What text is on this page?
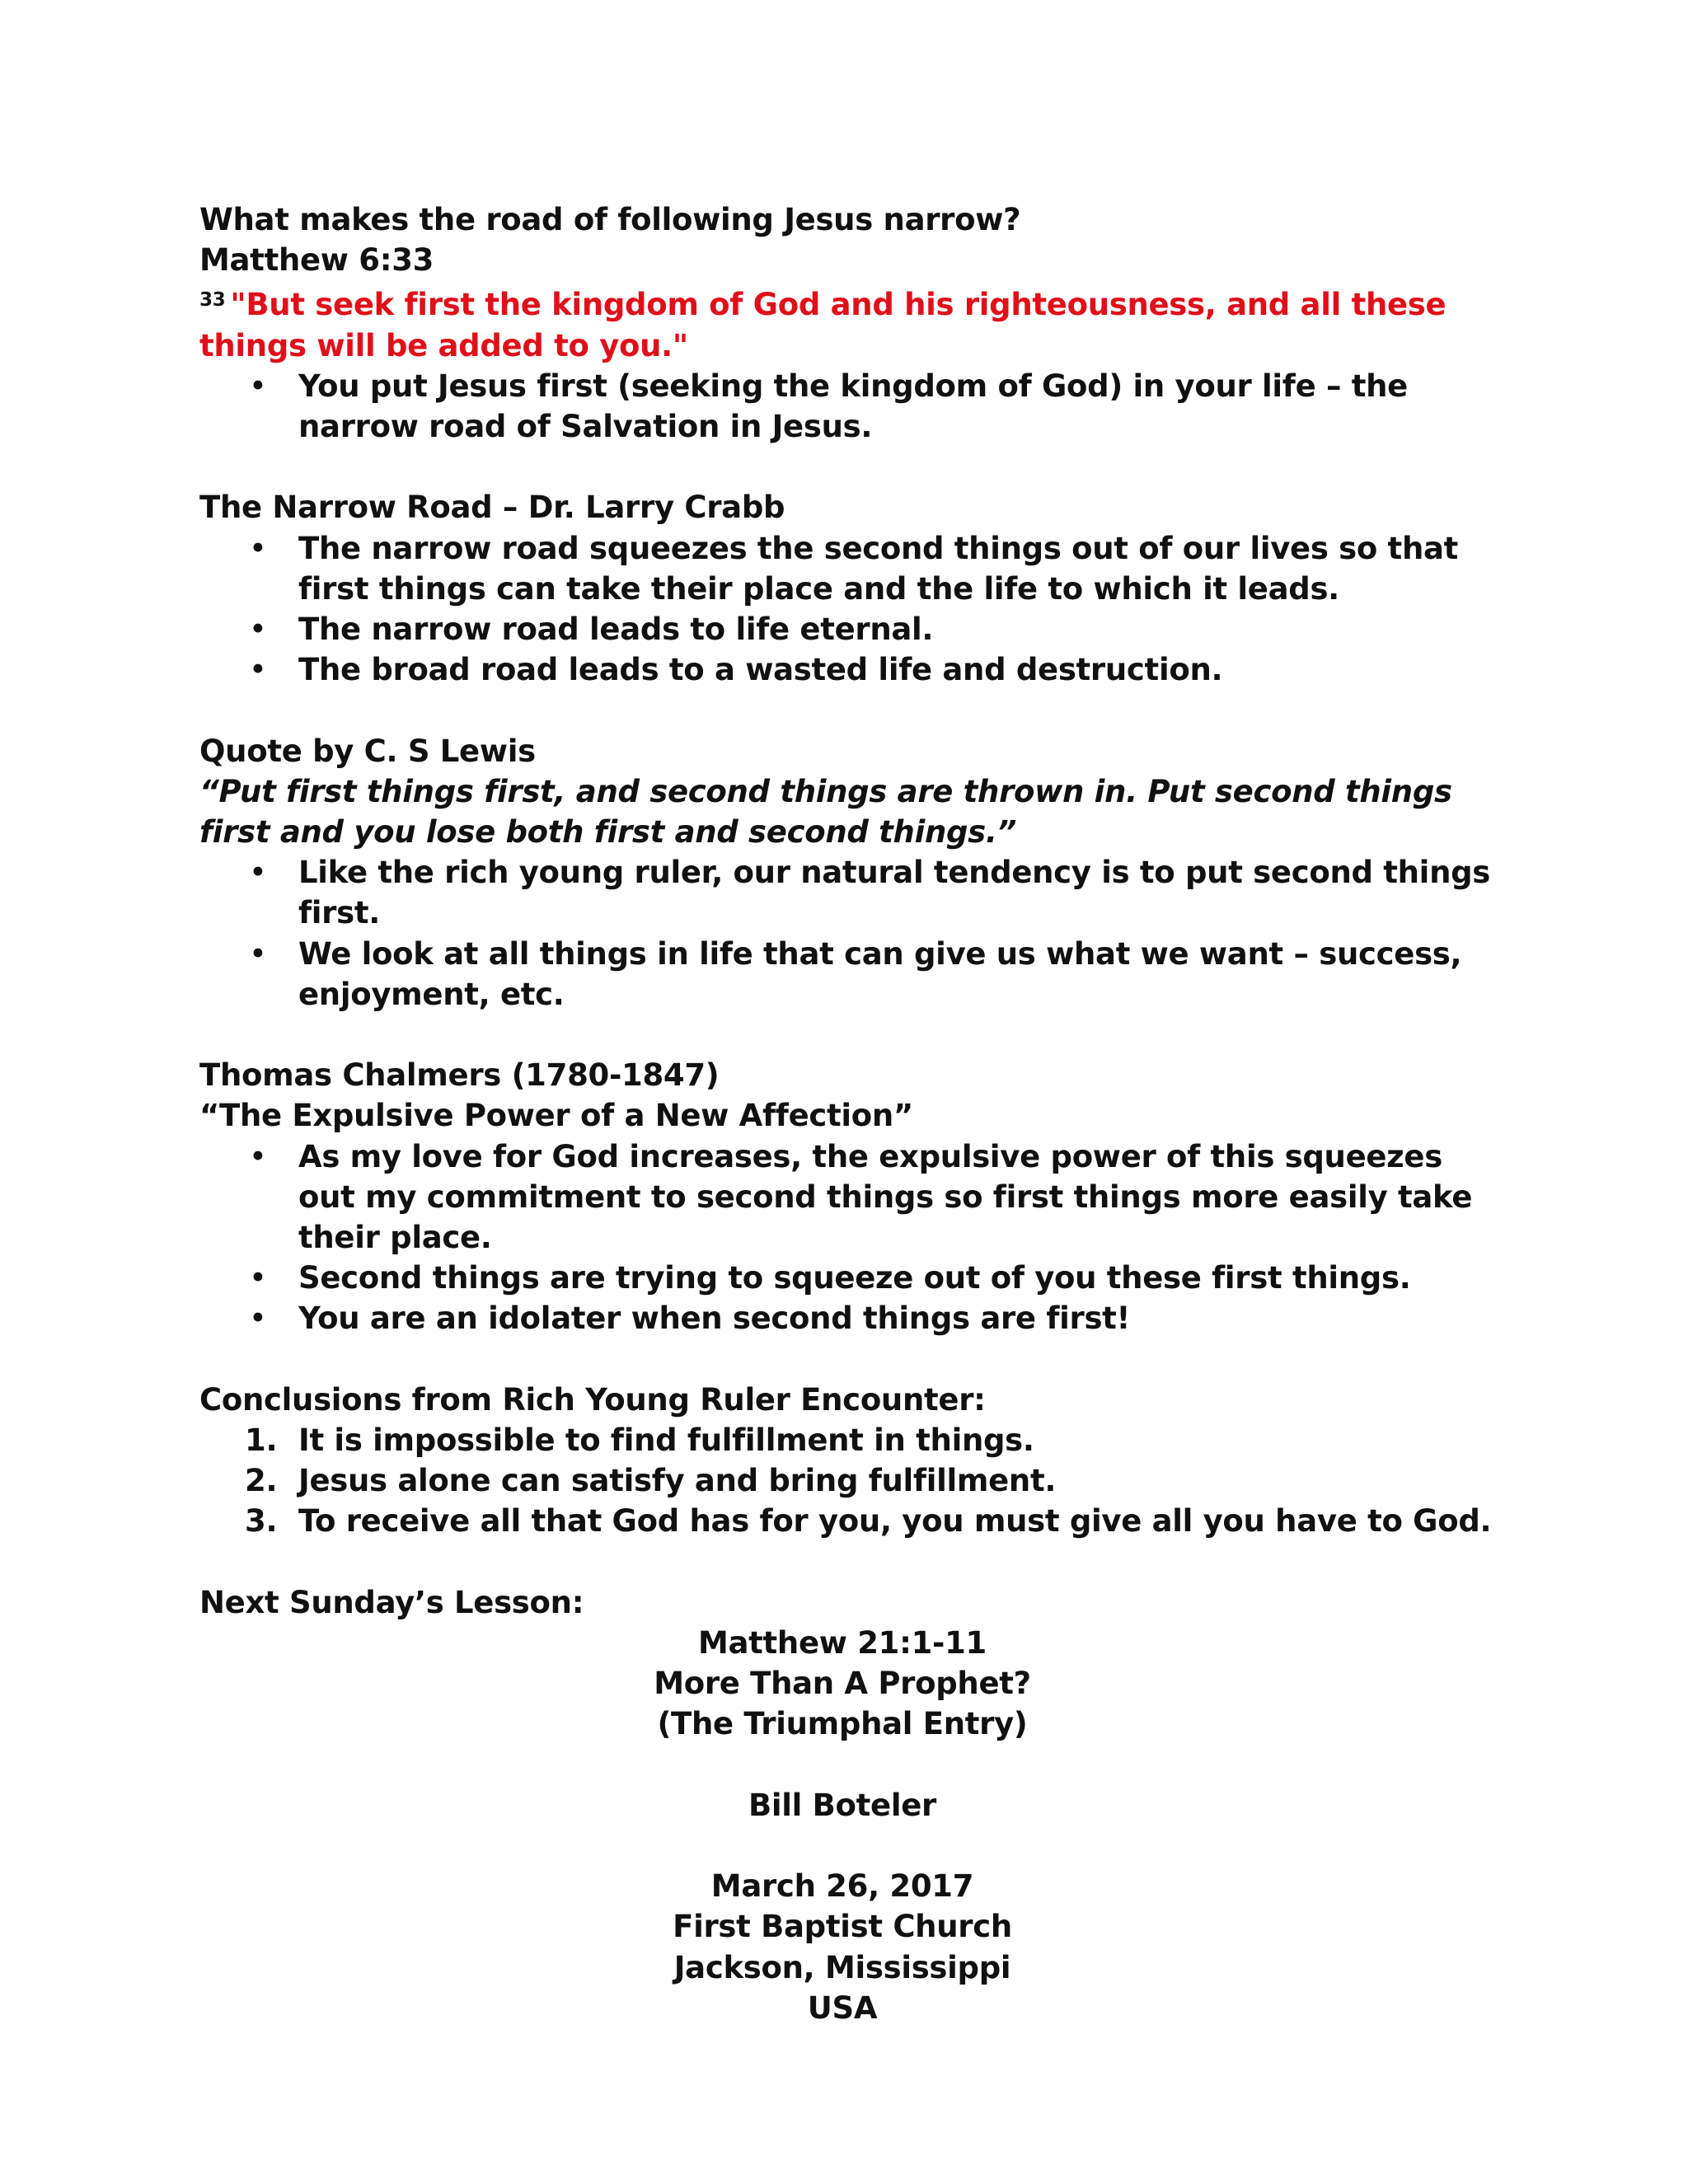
What makes the road of following Jesus narrow?
Matthew 6:33
$^{33}$ "But seek first the kingdom of God and his righteousness, and all these things will be added to you."
• You put Jesus first (seeking the kingdom of God) in your life – the narrow road of Salvation in Jesus.
The Narrow Road – Dr. Larry Crabb
• The narrow road squeezes the second things out of our lives so that first things can take their place and the life to which it leads.
• The narrow road leads to life eternal.
• The broad road leads to a wasted life and destruction.
Quote by C. S Lewis
“Put first things first, and second things are thrown in. Put second things first and you lose both first and second things.”
• Like the rich young ruler, our natural tendency is to put second things first.
• We look at all things in life that can give us what we want – success, enjoyment, etc.
Thomas Chalmers (1780-1847)
“The Expulsive Power of a New Affection”
• As my love for God increases, the expulsive power of this squeezes out my commitment to second things so first things more easily take their place.
• Second things are trying to squeeze out of you these first things.
• You are an idolater when second things are first!
Conclusions from Rich Young Ruler Encounter:
1. It is impossible to find fulfillment in things.
2. Jesus alone can satisfy and bring fulfillment.
3. To receive all that God has for you, you must give all you have to God.
Next Sunday’s Lesson:
Matthew 21:1-11
More Than A Prophet?
(The Triumphal Entry)
Bill Boteler
March 26, 2017
First Baptist Church
Jackson, Mississippi
USA
